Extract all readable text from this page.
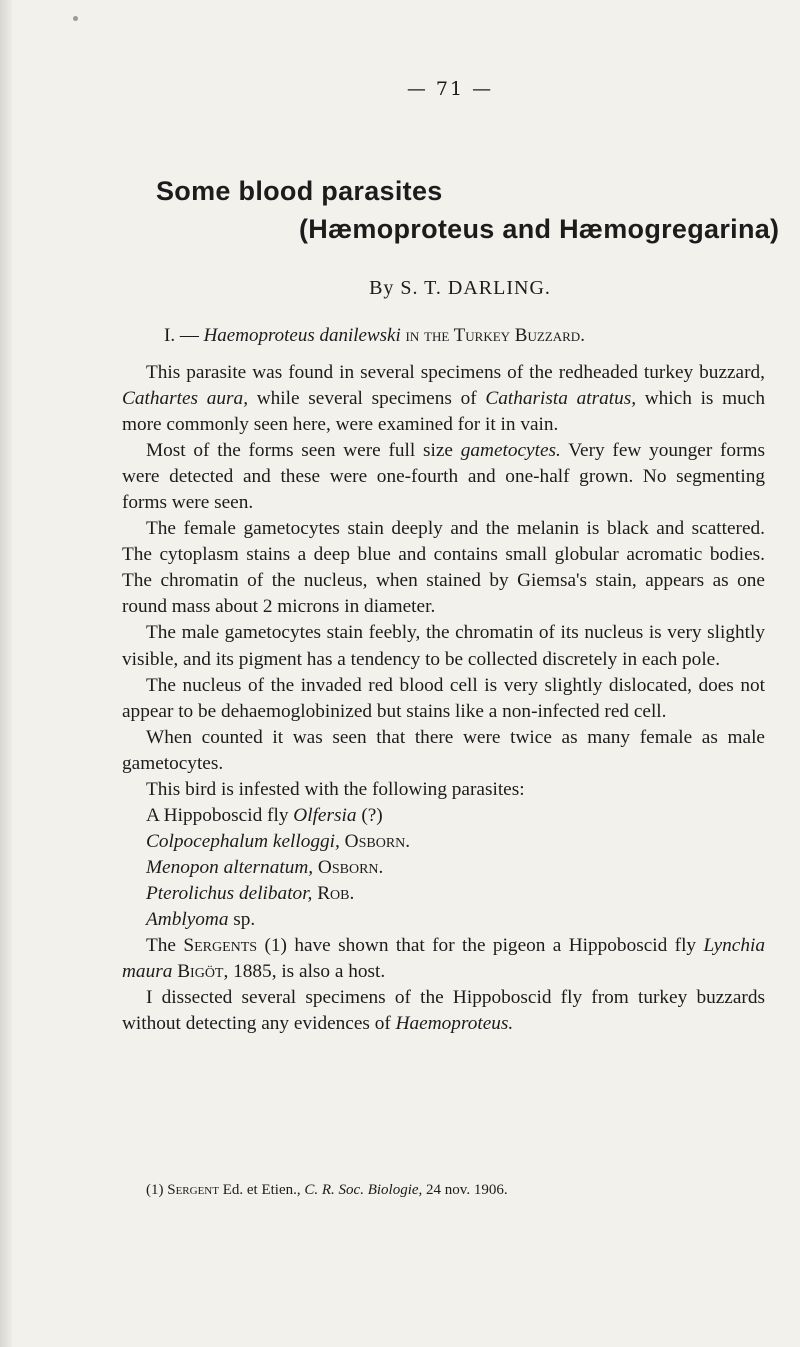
— 71 —
Some blood parasites
(Hæmoproteus and Hæmogregarina)
By S. T. DARLING.
I. — Haemoproteus danilewski in the Turkey Buzzard.

This parasite was found in several specimens of the redheaded turkey buzzard, Cathartes aura, while several specimens of Catharista atratus, which is much more commonly seen here, were examined for it in vain.

Most of the forms seen were full size gametocytes. Very few younger forms were detected and these were one-fourth and one-half grown. No segmenting forms were seen.

The female gametocytes stain deeply and the melanin is black and scattered. The cytoplasm stains a deep blue and contains small globular acromatic bodies. The chromatin of the nucleus, when stained by Giemsa's stain, appears as one round mass about 2 microns in diameter.

The male gametocytes stain feebly, the chromatin of its nucleus is very slightly visible, and its pigment has a tendency to be collected discretely in each pole.

The nucleus of the invaded red blood cell is very slightly dislocated, does not appear to be dehaemoglobinized but stains like a non-infected red cell.

When counted it was seen that there were twice as many female as male gametocytes.

This bird is infested with the following parasites:

A Hippoboscid fly Olfersia (?)
Colpocephalum kelloggi, Osborn.
Menopon alternatum, Osborn.
Pterolichus delibator, Rob.
Amblyoma sp.

The Sergents (1) have shown that for the pigeon a Hippoboscid fly Lynchia maura Bigöt, 1885, is also a host.

I dissected several specimens of the Hippoboscid fly from turkey buzzards without detecting any evidences of Haemoproteus.

(1) Sergent Ed. et Etien., C. R. Soc. Biologie, 24 nov. 1906.
